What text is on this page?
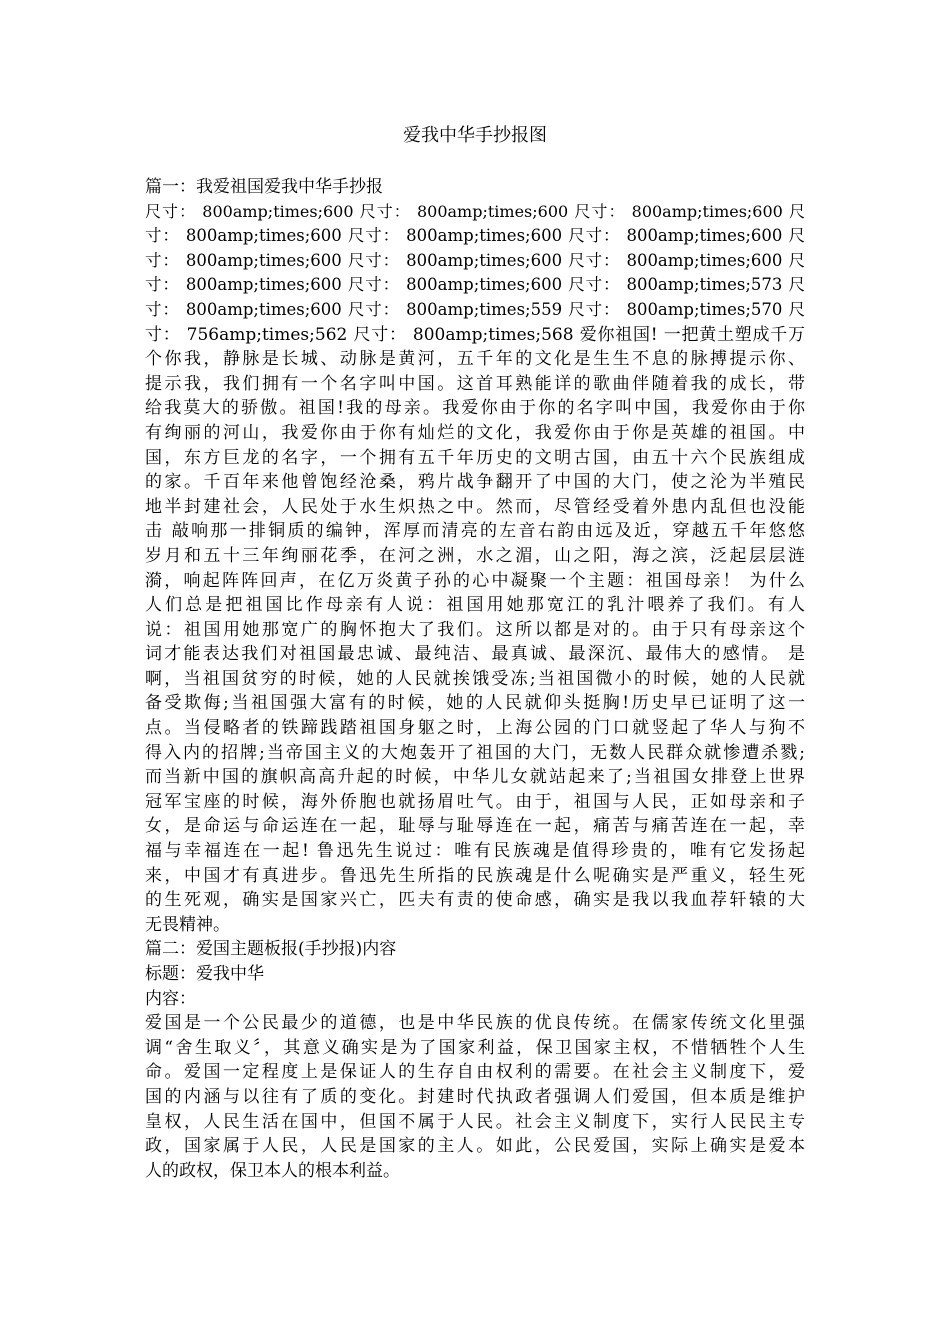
爱我中华手抄报图
篇一：我爱祖国爱我中华手抄报
尺寸： 800amp;times;600 尺寸： 800amp;times;600 尺寸： 800amp;times;600 尺
寸： 800amp;times;600 尺寸： 800amp;times;600 尺寸： 800amp;times;600 尺
寸： 800amp;times;600 尺寸： 800amp;times;600 尺寸： 800amp;times;600 尺
寸： 800amp;times;600 尺寸： 800amp;times;600 尺寸： 800amp;times;573 尺
寸： 800amp;times;600 尺寸： 800amp;times;559 尺寸： 800amp;times;570 尺
寸： 756amp;times;562 尺寸： 800amp;times;568 爱你祖国! 一把黄土塑成千万
个你我，静脉是长城、动脉是黄河，五千年的文化是生生不息的脉搏提示你、
提示我，我们拥有一个名字叫中国。这首耳熟能详的歌曲伴随着我的成长，带
给我莫大的骄傲。祖国!我的母亲。我爱你由于你的名字叫中国，我爱你由于你
有绚丽的河山，我爱你由于你有灿烂的文化，我爱你由于你是英雄的祖国。中
国，东方巨龙的名字，一个拥有五千年历史的文明古国，由五十六个民族组成
的家。千百年来他曾饱经沧桑，鸦片战争翻开了中国的大门，使之沦为半殖民
地半封建社会，人民处于水生炽热之中。然而，尽管经受着外患内乱但也没能
击 敲响那一排铜质的编钟，浑厚而清亮的左音右韵由远及近，穿越五千年悠悠
岁月和五十三年绚丽花季，在河之洲，水之湄，山之阳，海之滨，泛起层层涟
漪，响起阵阵回声，在亿万炎黄子孙的心中凝聚一个主题：祖国母亲！ 为什么
人们总是把祖国比作母亲有人说：祖国用她那宽江的乳汁喂养了我们。有人
说：祖国用她那宽广的胸怀抱大了我们。这所以都是对的。由于只有母亲这个
词才能表达我们对祖国最忠诚、最纯洁、最真诚、最深沉、最伟大的感情。 是
啊，当祖国贫穷的时候，她的人民就挨饿受冻;当祖国微小的时候，她的人民就
备受欺侮;当祖国强大富有的时候，她的人民就仰头挺胸!历史早已证明了这一
点。当侵略者的铁蹄践踏祖国身躯之时，上海公园的门口就竖起了华人与狗不
得入内的招牌;当帝国主义的大炮轰开了祖国的大门，无数人民群众就惨遭杀戮;
而当新中国的旗帜高高升起的时候，中华儿女就站起来了;当祖国女排登上世界
冠军宝座的时候，海外侨胞也就扬眉吐气。由于，祖国与人民，正如母亲和子
女，是命运与命运连在一起，耻辱与耻辱连在一起，痛苦与痛苦连在一起，幸
福与幸福连在一起! 鲁迅先生说过：唯有民族魂是值得珍贵的，唯有它发扬起
来，中国才有真进步。鲁迅先生所指的民族魂是什么呢确实是严重义，轻生死
的生死观，确实是国家兴亡，匹夫有责的使命感，确实是我以我血荐轩辕的大
无畏精神。
篇二：爱国主题板报(手抄报)内容
标题：爱我中华
内容：
爱国是一个公民最少的道德，也是中华民族的优良传统。在儒家传统文化里强
调“舍生取义〞，其意义确实是为了国家利益，保卫国家主权，不惜牺牲个人生
命。爱国一定程度上是保证人的生存自由权利的需要。在社会主义制度下，爱
国的内涵与以往有了质的变化。封建时代执政者强调人们爱国，但本质是维护
皇权，人民生活在国中，但国不属于人民。社会主义制度下，实行人民民主专
政，国家属于人民，人民是国家的主人。如此，公民爱国，实际上确实是爱本
人的政权，保卫本人的根本利益。
